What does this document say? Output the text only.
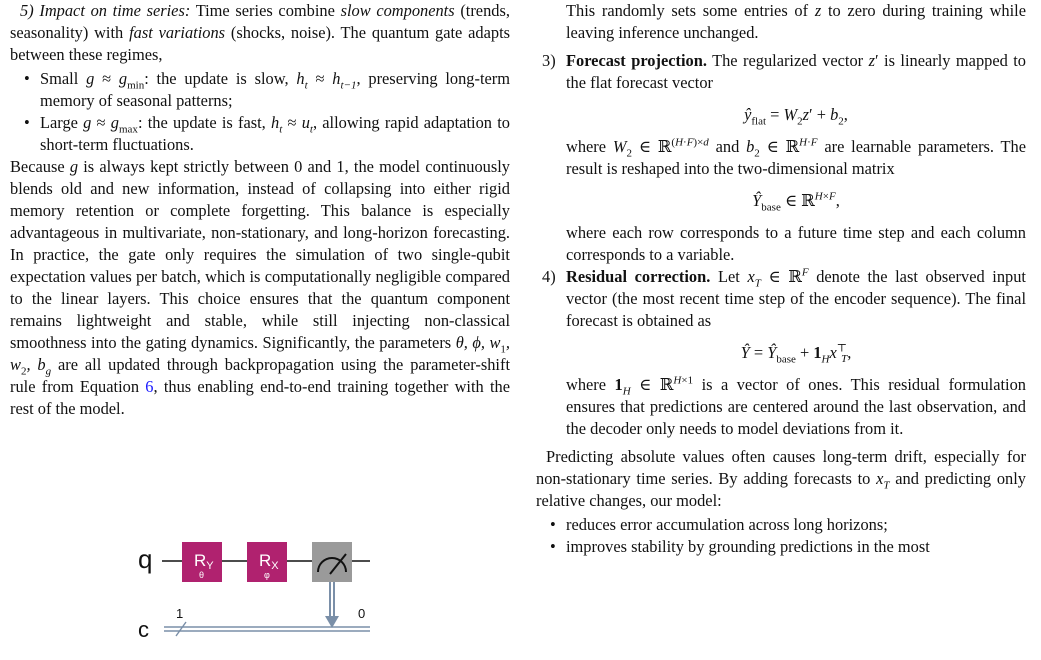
5) Impact on time series: Time series combine slow components (trends, seasonality) with fast variations (shocks, noise). The quantum gate adapts between these regimes,

• Small $g \approx g_{min}$: the update is slow, $h_t \approx h_{t-1}$, preserving long-term memory of seasonal patterns;
• Large $g \approx g_{max}$: the update is fast, $h_t \approx u_t$, allowing rapid adaptation to short-term fluctuations.

Because g is always kept strictly between 0 and 1, the model continuously blends old and new information, instead of collapsing into either rigid memory retention or complete forgetting. This balance is especially advantageous in multivariate, non-stationary, and long-horizon forecasting. In practice, the gate only requires the simulation of two single-qubit expectation values per batch, which is computationally negligible compared to the linear layers. This choice ensures that the quantum component remains lightweight and stable, while still injecting non-classical smoothness into the gating dynamics. Significantly, the parameters θ, ϕ, $w_1$, $w_2$, $b_g$ are all updated through backpropagation using the parameter-shift rule from Equation 6, thus enabling end-to-end training together with the rest of the model.

q RY
θ
RX
φ
c
1	0

This randomly sets some entries of z to zero during training while leaving inference unchanged.

3) Forecast projection. The regularized vector z′ is linearly mapped to the flat forecast vector
$ŷ_{flat} = W_2z' + b_2$,
where $W_2$ ∈ ℝ$^{(H\cdot F)\times d}$ and $b_2$ ∈ ℝ$^{H\cdot F}$ are learnable parameters. The result is reshaped into the two-dimensional matrix
$Ŷ_{base}$ ∈ ℝ$^{H\times F}$,
where each row corresponds to a future time step and each column corresponds to a variable.
4) Residual correction. Let $x_T$ ∈ ℝ$^F$ denote the last observed input vector (the most recent time step of the encoder sequence). The final forecast is obtained as
Ŷ = $Ŷ_{base} + 1_Hx^⊤_T$,
where $1_H$ ∈ ℝ$^{H\times 1}$ is a vector of ones. This residual formulation ensures that predictions are centered around the last observation, and the decoder only needs to model deviations from it.

Predicting absolute values often causes long-term drift, especially for non-stationary time series. By adding forecasts to $x_T$ and predicting only relative changes, our model:

• reduces error accumulation across long horizons;
• improves stability by grounding predictions in the most
